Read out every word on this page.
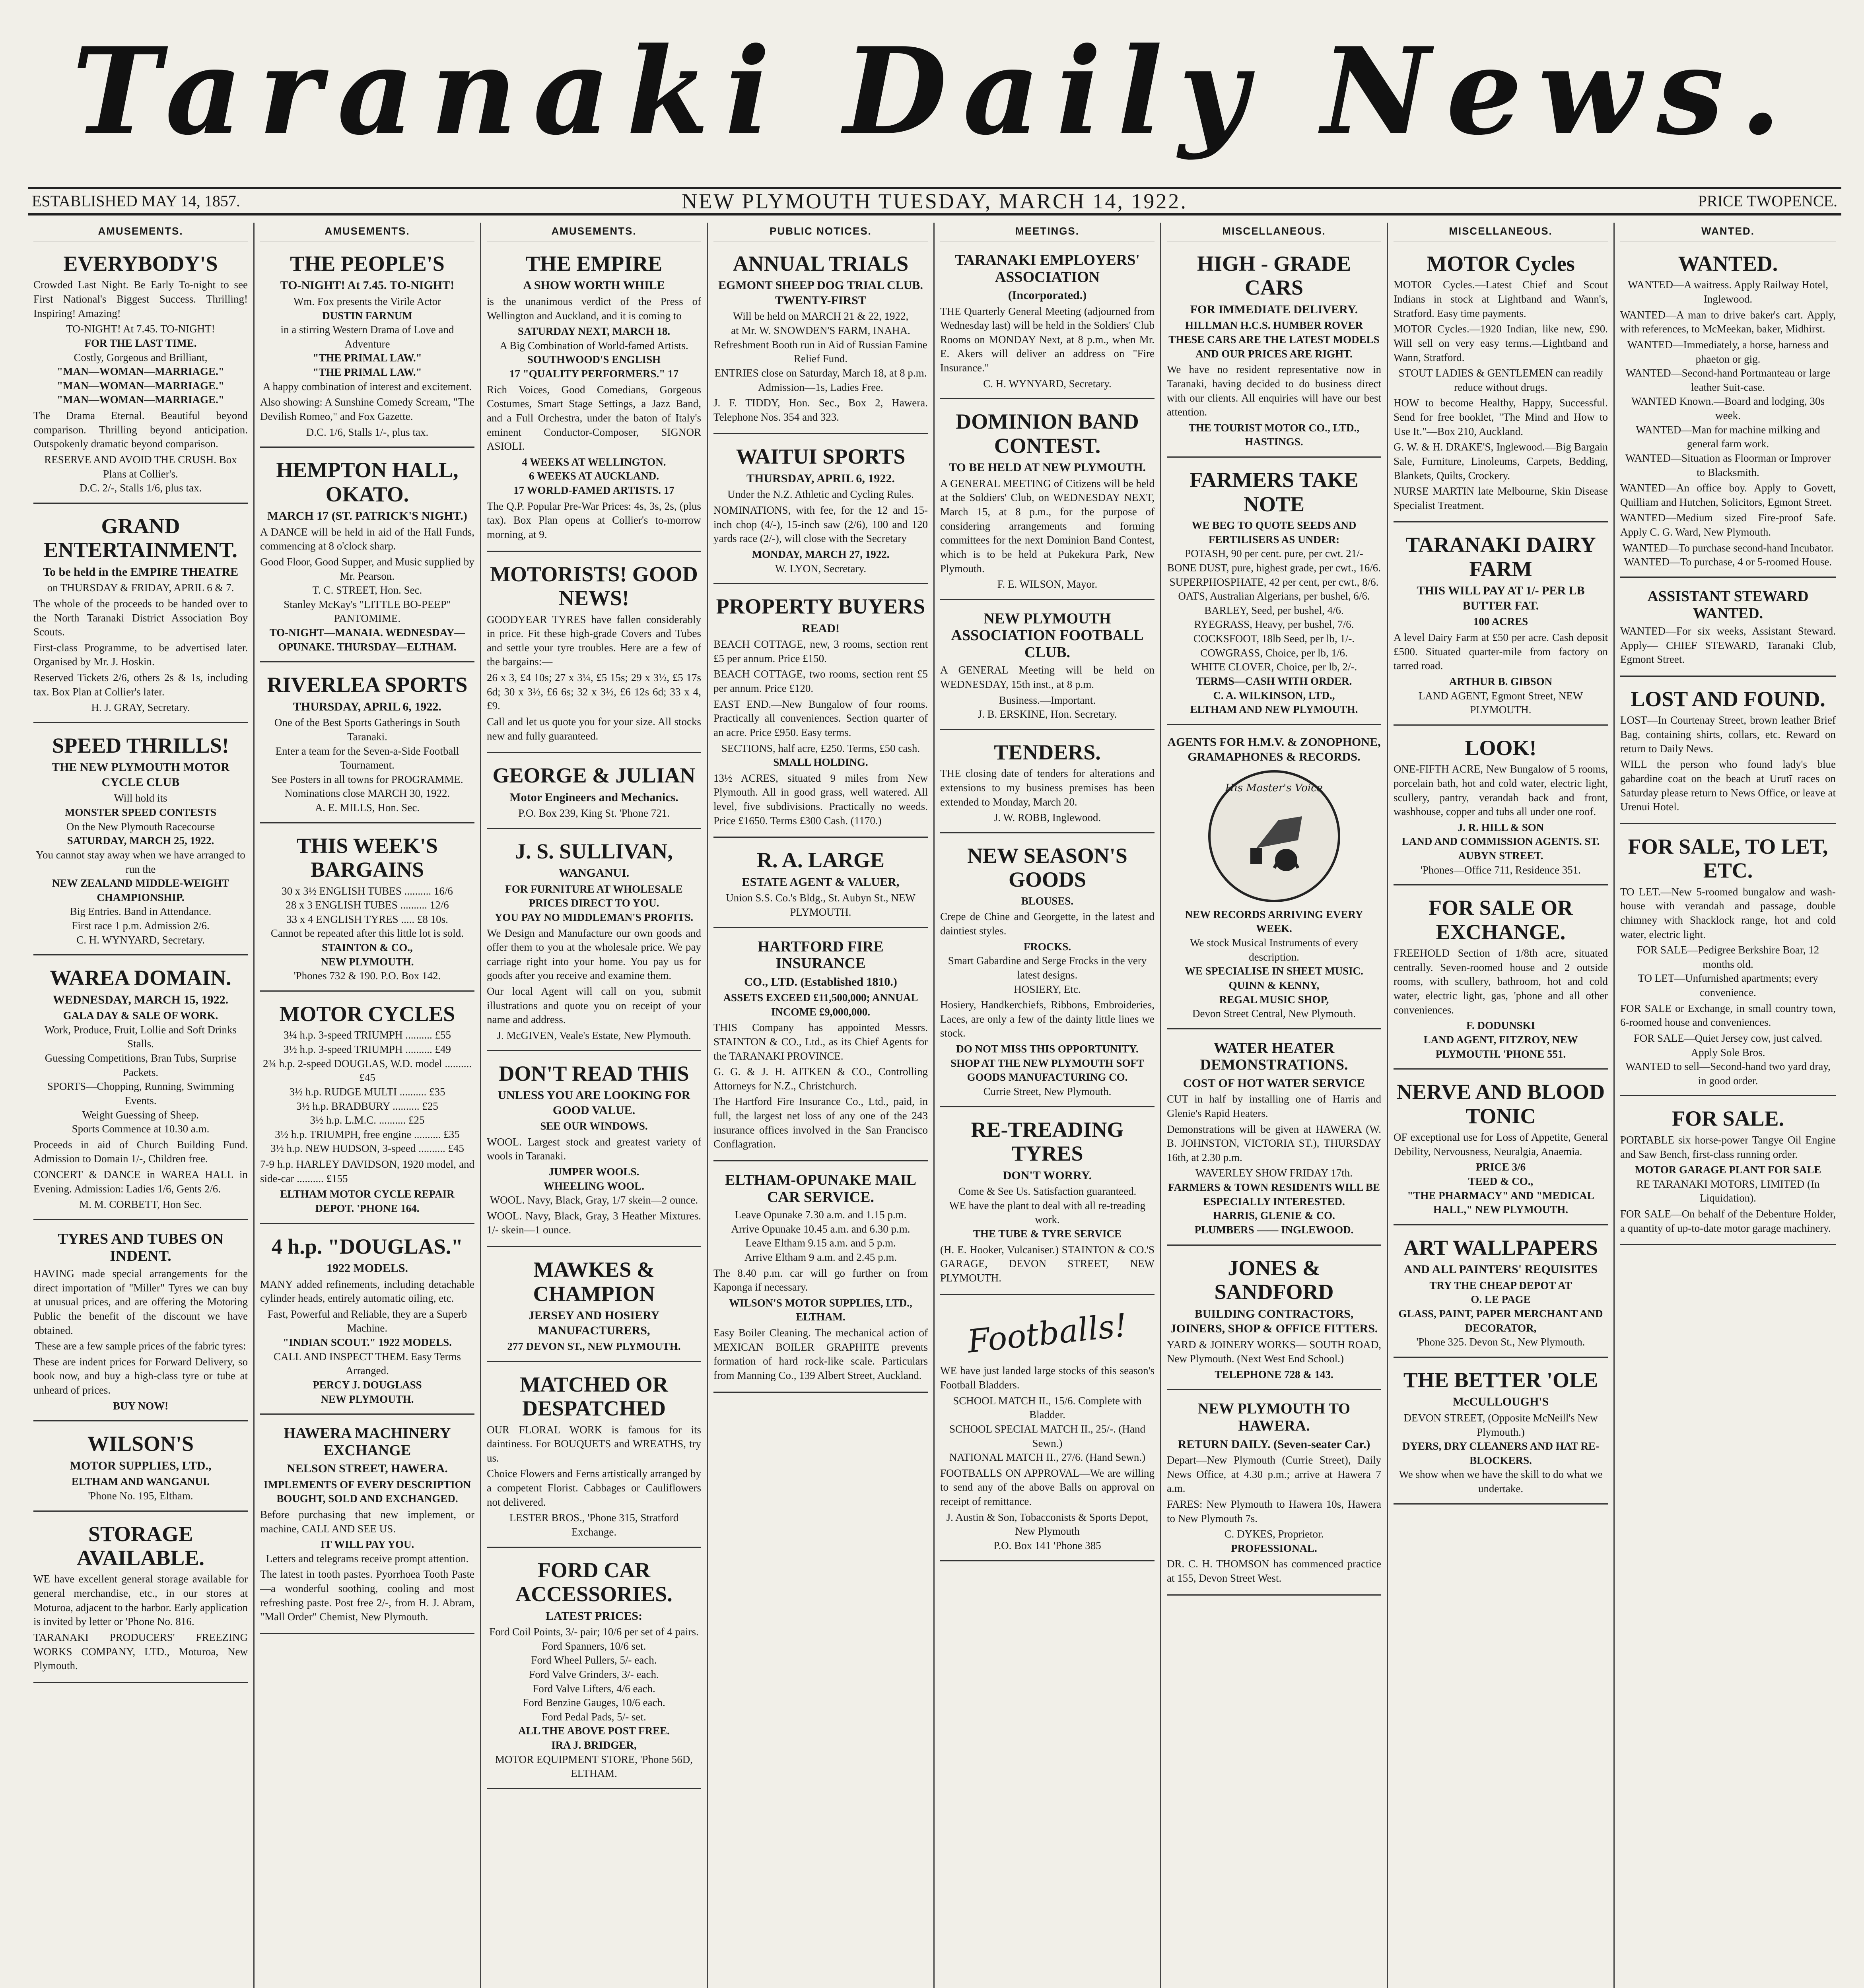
Taranaki Daily News.
ESTABLISHED MAY 14, 1857.	NEW PLYMOUTH TUESDAY, MARCH 14, 1922.	PRICE TWOPENCE.
AMUSEMENTS.
EVERYBODY'S
Crowded Last Night. Be Early To-night to see First National's Biggest Success. Thrilling! Inspiring! Amazing!
TO-NIGHT! At 7.45. TO-NIGHT!
FOR THE LAST TIME.
Costly, Gorgeous and Brilliant,
"MAN—WOMAN—MARRIAGE."
"MAN—WOMAN—MARRIAGE."
"MAN—WOMAN—MARRIAGE."
The Drama Eternal. Beautiful beyond comparison. Thrilling beyond anticipation. Outspokenly dramatic beyond comparison.
RESERVE AND AVOID THE CRUSH. Box Plans at Collier's.
D.C. 2/-, Stalls 1/6, plus tax.
GRAND ENTERTAINMENT.
To be held in the EMPIRE THEATRE
on THURSDAY & FRIDAY, APRIL 6 & 7.
The whole of the proceeds to be handed over to the North Taranaki District Association Boy Scouts.
First-class Programme, to be advertised later. Organised by Mr. J. Hoskin.
Reserved Tickets 2/6, others 2s & 1s, including tax. Box Plan at Collier's later.
H. J. GRAY, Secretary.
SPEED THRILLS!
THE NEW PLYMOUTH MOTOR CYCLE CLUB
Will hold its
MONSTER SPEED CONTESTS
On the New Plymouth Racecourse
SATURDAY, MARCH 25, 1922.
You cannot stay away when we have arranged to run the
NEW ZEALAND MIDDLE-WEIGHT CHAMPIONSHIP.
Big Entries. Band in Attendance.
First race 1 p.m. Admission 2/6.
C. H. WYNYARD, Secretary.
WAREA DOMAIN.
WEDNESDAY, MARCH 15, 1922.
GALA DAY & SALE OF WORK.
Work, Produce, Fruit, Lollie and Soft Drinks Stalls.
Guessing Competitions, Bran Tubs, Surprise Packets.
SPORTS—Chopping, Running, Swimming Events.
Weight Guessing of Sheep.
Sports Commence at 10.30 a.m.
Proceeds in aid of Church Building Fund. Admission to Domain 1/-, Children free.
CONCERT & DANCE in WAREA HALL in Evening. Admission: Ladies 1/6, Gents 2/6.
M. M. CORBETT, Hon Sec.
TYRES AND TUBES ON INDENT.
HAVING made special arrangements for the direct importation of "Miller" Tyres we can buy at unusual prices, and are offering the Motoring Public the benefit of the discount we have obtained.
These are a few sample prices of the fabric tyres:
These are indent prices for Forward Delivery, so book now, and buy a high-class tyre or tube at unheard of prices.
BUY NOW!
WILSON'S
MOTOR SUPPLIES, LTD.,
ELTHAM AND WANGANUI.
'Phone No. 195, Eltham.
STORAGE AVAILABLE.
WE have excellent general storage available for general merchandise, etc., in our stores at Moturoa, adjacent to the harbor. Early application is invited by letter or 'Phone No. 816.
TARANAKI PRODUCERS' FREEZING WORKS COMPANY, LTD., Moturoa, New Plymouth.
AMUSEMENTS.
THE PEOPLE'S
TO-NIGHT! At 7.45. TO-NIGHT!
Wm. Fox presents the Virile Actor
DUSTIN FARNUM
in a stirring Western Drama of Love and Adventure
"THE PRIMAL LAW."
"THE PRIMAL LAW."
A happy combination of interest and excitement.
Also showing: A Sunshine Comedy Scream, "The Devilish Romeo," and Fox Gazette.
D.C. 1/6, Stalls 1/-, plus tax.
HEMPTON HALL, OKATO.
MARCH 17 (ST. PATRICK'S NIGHT.)
A DANCE will be held in aid of the Hall Funds, commencing at 8 o'clock sharp.
Good Floor, Good Supper, and Music supplied by Mr. Pearson.
T. C. STREET, Hon. Sec.
Stanley McKay's "LITTLE BO-PEEP" PANTOMIME.
TO-NIGHT—MANAIA. WEDNESDAY—OPUNAKE. THURSDAY—ELTHAM.
RIVERLEA SPORTS
THURSDAY, APRIL 6, 1922.
One of the Best Sports Gatherings in South Taranaki.
Enter a team for the Seven-a-Side Football Tournament.
See Posters in all towns for PROGRAMME.
Nominations close MARCH 30, 1922.
A. E. MILLS, Hon. Sec.
THIS WEEK'S BARGAINS
30 x 3½ ENGLISH TUBES .......... 16/6
28 x 3 ENGLISH TUBES .......... 12/6
33 x 4 ENGLISH TYRES ..... £8 10s.
Cannot be repeated after this little lot is sold.
STAINTON & CO.,
NEW PLYMOUTH.
'Phones 732 & 190. P.O. Box 142.
MOTOR CYCLES
3¼ h.p. 3-speed TRIUMPH .......... £55
3½ h.p. 3-speed TRIUMPH .......... £49
2¾ h.p. 2-speed DOUGLAS, W.D. model .......... £45
3½ h.p. RUDGE MULTI .......... £35
3½ h.p. BRADBURY .......... £25
3½ h.p. L.M.C. .......... £25
3½ h.p. TRIUMPH, free engine .......... £35
3½ h.p. NEW HUDSON, 3-speed .......... £45
7-9 h.p. HARLEY DAVIDSON, 1920 model, and side-car .......... £155
ELTHAM MOTOR CYCLE REPAIR DEPOT. 'PHONE 164.
4 h.p. "DOUGLAS."
1922 MODELS.
MANY added refinements, including detachable cylinder heads, entirely automatic oiling, etc.
Fast, Powerful and Reliable, they are a Superb Machine.
"INDIAN SCOUT." 1922 MODELS.
CALL AND INSPECT THEM. Easy Terms Arranged.
PERCY J. DOUGLASS
NEW PLYMOUTH.
HAWERA MACHINERY EXCHANGE
NELSON STREET, HAWERA.
IMPLEMENTS OF EVERY DESCRIPTION BOUGHT, SOLD AND EXCHANGED.
Before purchasing that new implement, or machine, CALL AND SEE US.
IT WILL PAY YOU.
Letters and telegrams receive prompt attention.
The latest in tooth pastes. Pyorrhoea Tooth Paste—a wonderful soothing, cooling and most refreshing paste. Post free 2/-, from H. J. Abram, "Mall Order" Chemist, New Plymouth.
AMUSEMENTS.
THE EMPIRE
A SHOW WORTH WHILE
is the unanimous verdict of the Press of Wellington and Auckland, and it is coming to
SATURDAY NEXT, MARCH 18.
A Big Combination of World-famed Artists.
SOUTHWOOD'S ENGLISH
17 "QUALITY PERFORMERS." 17
Rich Voices, Good Comedians, Gorgeous Costumes, Smart Stage Settings, a Jazz Band, and a Full Orchestra, under the baton of Italy's eminent Conductor-Composer, SIGNOR ASIOLI.
4 WEEKS AT WELLINGTON.
6 WEEKS AT AUCKLAND.
17 WORLD-FAMED ARTISTS. 17
The Q.P. Popular Pre-War Prices: 4s, 3s, 2s, (plus tax). Box Plan opens at Collier's to-morrow morning, at 9.
MOTORISTS! GOOD NEWS!
GOODYEAR TYRES have fallen considerably in price. Fit these high-grade Covers and Tubes and settle your tyre troubles. Here are a few of the bargains:—
26 x 3, £4 10s; 27 x 3¼, £5 15s; 29 x 3½, £5 17s 6d; 30 x 3½, £6 6s; 32 x 3½, £6 12s 6d; 33 x 4, £9.
Call and let us quote you for your size. All stocks new and fully guaranteed.
GEORGE & JULIAN
Motor Engineers and Mechanics.
P.O. Box 239, King St. 'Phone 721.
J. S. SULLIVAN,
WANGANUI.
FOR FURNITURE AT WHOLESALE PRICES DIRECT TO YOU.
YOU PAY NO MIDDLEMAN'S PROFITS.
We Design and Manufacture our own goods and offer them to you at the wholesale price. We pay carriage right into your home. You pay us for goods after you receive and examine them.
Our local Agent will call on you, submit illustrations and quote you on receipt of your name and address.
J. McGIVEN, Veale's Estate, New Plymouth.
DON'T READ THIS
UNLESS YOU ARE LOOKING FOR GOOD VALUE.
SEE OUR WINDOWS.
WOOL. Largest stock and greatest variety of wools in Taranaki.
JUMPER WOOLS.
WHEELING WOOL.
WOOL. Navy, Black, Gray, 1/7 skein—2 ounce.
WOOL. Navy, Black, Gray, 3 Heather Mixtures. 1/- skein—1 ounce.
MAWKES & CHAMPION
JERSEY AND HOSIERY MANUFACTURERS,
277 DEVON ST., NEW PLYMOUTH.
MATCHED OR DESPATCHED
OUR FLORAL WORK is famous for its daintiness. For BOUQUETS and WREATHS, try us.
Choice Flowers and Ferns artistically arranged by a competent Florist. Cabbages or Cauliflowers not delivered.
LESTER BROS., 'Phone 315, Stratford Exchange.
FORD CAR ACCESSORIES.
LATEST PRICES:
Ford Coil Points, 3/- pair; 10/6 per set of 4 pairs.
Ford Spanners, 10/6 set.
Ford Wheel Pullers, 5/- each.
Ford Valve Grinders, 3/- each.
Ford Valve Lifters, 4/6 each.
Ford Benzine Gauges, 10/6 each.
Ford Pedal Pads, 5/- set.
ALL THE ABOVE POST FREE.
IRA J. BRIDGER,
MOTOR EQUIPMENT STORE, 'Phone 56D, ELTHAM.
PUBLIC NOTICES.
ANNUAL TRIALS
EGMONT SHEEP DOG TRIAL CLUB. TWENTY-FIRST
Will be held on MARCH 21 & 22, 1922,
at Mr. W. SNOWDEN'S FARM, INAHA.
Refreshment Booth run in Aid of Russian Famine Relief Fund.
ENTRIES close on Saturday, March 18, at 8 p.m.
Admission—1s, Ladies Free.
J. F. TIDDY, Hon. Sec., Box 2, Hawera. Telephone Nos. 354 and 323.
WAITUI SPORTS
THURSDAY, APRIL 6, 1922.
Under the N.Z. Athletic and Cycling Rules.
NOMINATIONS, with fee, for the 12 and 15-inch chop (4/-), 15-inch saw (2/6), 100 and 120 yards race (2/-), will close with the Secretary
MONDAY, MARCH 27, 1922.
W. LYON, Secretary.
PROPERTY BUYERS
READ!
BEACH COTTAGE, new, 3 rooms, section rent £5 per annum. Price £150.
BEACH COTTAGE, two rooms, section rent £5 per annum. Price £120.
EAST END.—New Bungalow of four rooms. Practically all conveniences. Section quarter of an acre. Price £950. Easy terms.
SECTIONS, half acre, £250. Terms, £50 cash.
SMALL HOLDING.
13½ ACRES, situated 9 miles from New Plymouth. All in good grass, well watered. All level, five subdivisions. Practically no weeds. Price £1650. Terms £300 Cash. (1170.)
R. A. LARGE
ESTATE AGENT & VALUER,
Union S.S. Co.'s Bldg., St. Aubyn St., NEW PLYMOUTH.
HARTFORD FIRE INSURANCE
CO., LTD. (Established 1810.)
ASSETS EXCEED £11,500,000; ANNUAL INCOME £9,000,000.
THIS Company has appointed Messrs. STAINTON & CO., Ltd., as its Chief Agents for the TARANAKI PROVINCE.
G. G. & J. H. AITKEN & CO., Controlling Attorneys for N.Z., Christchurch.
The Hartford Fire Insurance Co., Ltd., paid, in full, the largest net loss of any one of the 243 insurance offices involved in the San Francisco Conflagration.
ELTHAM-OPUNAKE MAIL CAR SERVICE.
Leave Opunake 7.30 a.m. and 1.15 p.m.
Arrive Opunake 10.45 a.m. and 6.30 p.m.
Leave Eltham 9.15 a.m. and 5 p.m.
Arrive Eltham 9 a.m. and 2.45 p.m.
The 8.40 p.m. car will go further on from Kaponga if necessary.
WILSON'S MOTOR SUPPLIES, LTD., ELTHAM.
Easy Boiler Cleaning. The mechanical action of MEXICAN BOILER GRAPHITE prevents formation of hard rock-like scale. Particulars from Manning Co., 139 Albert Street, Auckland.
MEETINGS.
TARANAKI EMPLOYERS' ASSOCIATION
(Incorporated.)
THE Quarterly General Meeting (adjourned from Wednesday last) will be held in the Soldiers' Club Rooms on MONDAY Next, at 8 p.m., when Mr. E. Akers will deliver an address on "Fire Insurance."
C. H. WYNYARD, Secretary.
DOMINION BAND CONTEST.
TO BE HELD AT NEW PLYMOUTH.
A GENERAL MEETING of Citizens will be held at the Soldiers' Club, on WEDNESDAY NEXT, March 15, at 8 p.m., for the purpose of considering arrangements and forming committees for the next Dominion Band Contest, which is to be held at Pukekura Park, New Plymouth.
F. E. WILSON, Mayor.
NEW PLYMOUTH ASSOCIATION FOOTBALL CLUB.
A GENERAL Meeting will be held on WEDNESDAY, 15th inst., at 8 p.m.
Business.—Important.
J. B. ERSKINE, Hon. Secretary.
TENDERS.
THE closing date of tenders for alterations and extensions to my business premises has been extended to Monday, March 20.
J. W. ROBB, Inglewood.
NEW SEASON'S GOODS
BLOUSES.
Crepe de Chine and Georgette, in the latest and daintiest styles.
FROCKS.
Smart Gabardine and Serge Frocks in the very latest designs.
HOSIERY, Etc.
Hosiery, Handkerchiefs, Ribbons, Embroideries, Laces, are only a few of the dainty little lines we stock.
DO NOT MISS THIS OPPORTUNITY.
SHOP AT THE NEW PLYMOUTH SOFT GOODS MANUFACTURING CO.
Currie Street, New Plymouth.
RE-TREADING TYRES
DON'T WORRY.
Come & See Us. Satisfaction guaranteed.
WE have the plant to deal with all re-treading work.
THE TUBE & TYRE SERVICE
(H. E. Hooker, Vulcaniser.) STAINTON & CO.'S GARAGE, DEVON STREET, NEW PLYMOUTH.
Footballs!
WE have just landed large stocks of this season's Football Bladders.
SCHOOL MATCH II., 15/6. Complete with Bladder.
SCHOOL SPECIAL MATCH II., 25/-. (Hand Sewn.)
NATIONAL MATCH II., 27/6. (Hand Sewn.)
FOOTBALLS ON APPROVAL—We are willing to send any of the above Balls on approval on receipt of remittance.
J. Austin & Son, Tobacconists & Sports Depot, New Plymouth
P.O. Box 141 'Phone 385
MISCELLANEOUS.
HIGH - GRADE CARS
FOR IMMEDIATE DELIVERY.
HILLMAN H.C.S. HUMBER ROVER
THESE CARS ARE THE LATEST MODELS AND OUR PRICES ARE RIGHT.
We have no resident representative now in Taranaki, having decided to do business direct with our clients. All enquiries will have our best attention.
THE TOURIST MOTOR CO., LTD.,
HASTINGS.
FARMERS TAKE NOTE
WE BEG TO QUOTE SEEDS AND FERTILISERS AS UNDER:
POTASH, 90 per cent. pure, per cwt. 21/-
BONE DUST, pure, highest grade, per cwt., 16/6.
SUPERPHOSPHATE, 42 per cent, per cwt., 8/6.
OATS, Australian Algerians, per bushel, 6/6.
BARLEY, Seed, per bushel, 4/6.
RYEGRASS, Heavy, per bushel, 7/6.
COCKSFOOT, 18lb Seed, per lb, 1/-.
COWGRASS, Choice, per lb, 1/6.
WHITE CLOVER, Choice, per lb, 2/-.
TERMS—CASH WITH ORDER.
C. A. WILKINSON, LTD.,
ELTHAM AND NEW PLYMOUTH.
AGENTS FOR H.M.V. & ZONOPHONE, GRAMAPHONES & RECORDS.
His Master's Voice
NEW RECORDS ARRIVING EVERY WEEK.
We stock Musical Instruments of every description.
WE SPECIALISE IN SHEET MUSIC.
QUINN & KENNY,
REGAL MUSIC SHOP,
Devon Street Central, New Plymouth.
WATER HEATER DEMONSTRATIONS.
COST OF HOT WATER SERVICE
CUT in half by installing one of Harris and Glenie's Rapid Heaters.
Demonstrations will be given at HAWERA (W. B. JOHNSTON, VICTORIA ST.), THURSDAY 16th, at 2.30 p.m.
WAVERLEY SHOW FRIDAY 17th.
FARMERS & TOWN RESIDENTS WILL BE ESPECIALLY INTERESTED.
HARRIS, GLENIE & CO.
PLUMBERS —— INGLEWOOD.
JONES & SANDFORD
BUILDING CONTRACTORS, JOINERS, SHOP & OFFICE FITTERS.
YARD & JOINERY WORKS— SOUTH ROAD, New Plymouth. (Next West End School.)
TELEPHONE 728 & 143.
NEW PLYMOUTH TO HAWERA.
RETURN DAILY. (Seven-seater Car.)
Depart—New Plymouth (Currie Street), Daily News Office, at 4.30 p.m.; arrive at Hawera 7 a.m.
FARES: New Plymouth to Hawera 10s, Hawera to New Plymouth 7s.
C. DYKES, Proprietor.
PROFESSIONAL.
DR. C. H. THOMSON has commenced practice at 155, Devon Street West.
MISCELLANEOUS.
MOTOR Cycles
MOTOR Cycles.—Latest Chief and Scout Indians in stock at Lightband and Wann's, Stratford. Easy time payments.
MOTOR Cycles.—1920 Indian, like new, £90. Will sell on very easy terms.—Lightband and Wann, Stratford.
STOUT LADIES & GENTLEMEN can readily reduce without drugs.
HOW to become Healthy, Happy, Successful. Send for free booklet, "The Mind and How to Use It."—Box 210, Auckland.
G. W. & H. DRAKE'S, Inglewood.—Big Bargain Sale, Furniture, Linoleums, Carpets, Bedding, Blankets, Quilts, Crockery.
NURSE MARTIN late Melbourne, Skin Disease Specialist Treatment.
TARANAKI DAIRY FARM
THIS WILL PAY AT 1/- PER LB BUTTER FAT.
100 ACRES
A level Dairy Farm at £50 per acre. Cash deposit £500. Situated quarter-mile from factory on tarred road.
ARTHUR B. GIBSON
LAND AGENT, Egmont Street, NEW PLYMOUTH.
LOOK!
ONE-FIFTH ACRE, New Bungalow of 5 rooms, porcelain bath, hot and cold water, electric light, scullery, pantry, verandah back and front, washhouse, copper and tubs all under one roof.
J. R. HILL & SON
LAND AND COMMISSION AGENTS. ST. AUBYN STREET.
'Phones—Office 711, Residence 351.
FOR SALE OR EXCHANGE.
FREEHOLD Section of 1/8th acre, situated centrally. Seven-roomed house and 2 outside rooms, with scullery, bathroom, hot and cold water, electric light, gas, 'phone and all other conveniences.
F. DODUNSKI
LAND AGENT, FITZROY, NEW PLYMOUTH. 'PHONE 551.
NERVE AND BLOOD TONIC
OF exceptional use for Loss of Appetite, General Debility, Nervousness, Neuralgia, Anaemia.
PRICE 3/6
TEED & CO.,
"THE PHARMACY" AND "MEDICAL HALL," NEW PLYMOUTH.
ART WALLPAPERS
AND ALL PAINTERS' REQUISITES
TRY THE CHEAP DEPOT AT
O. LE PAGE
GLASS, PAINT, PAPER MERCHANT AND DECORATOR,
'Phone 325. Devon St., New Plymouth.
THE BETTER 'OLE
McCULLOUGH'S
DEVON STREET, (Opposite McNeill's New Plymouth.)
DYERS, DRY CLEANERS AND HAT RE-BLOCKERS.
We show when we have the skill to do what we undertake.
WANTED.
WANTED.
WANTED—A waitress. Apply Railway Hotel, Inglewood.
WANTED—A man to drive baker's cart. Apply, with references, to McMeekan, baker, Midhirst.
WANTED—Immediately, a horse, harness and phaeton or gig.
WANTED—Second-hand Portmanteau or large leather Suit-case.
WANTED Known.—Board and lodging, 30s week.
WANTED—Man for machine milking and general farm work.
WANTED—Situation as Floorman or Improver to Blacksmith.
WANTED—An office boy. Apply to Govett, Quilliam and Hutchen, Solicitors, Egmont Street.
WANTED—Medium sized Fire-proof Safe. Apply C. G. Ward, New Plymouth.
WANTED—To purchase second-hand Incubator.
WANTED—To purchase, 4 or 5-roomed House.
ASSISTANT STEWARD WANTED.
WANTED—For six weeks, Assistant Steward. Apply— CHIEF STEWARD, Taranaki Club, Egmont Street.
LOST AND FOUND.
LOST—In Courtenay Street, brown leather Brief Bag, containing shirts, collars, etc. Reward on return to Daily News.
WILL the person who found lady's blue gabardine coat on the beach at Urutī races on Saturday please return to News Office, or leave at Urenui Hotel.
FOR SALE, TO LET, ETC.
TO LET.—New 5-roomed bungalow and wash-house with verandah and passage, double chimney with Shacklock range, hot and cold water, electric light.
FOR SALE—Pedigree Berkshire Boar, 12 months old.
TO LET—Unfurnished apartments; every convenience.
FOR SALE or Exchange, in small country town, 6-roomed house and conveniences.
FOR SALE—Quiet Jersey cow, just calved. Apply Sole Bros.
WANTED to sell—Second-hand two yard dray, in good order.
FOR SALE.
PORTABLE six horse-power Tangye Oil Engine and Saw Bench, first-class running order.
MOTOR GARAGE PLANT FOR SALE
RE TARANAKI MOTORS, LIMITED (In Liquidation).
FOR SALE—On behalf of the Debenture Holder, a quantity of up-to-date motor garage machinery.
